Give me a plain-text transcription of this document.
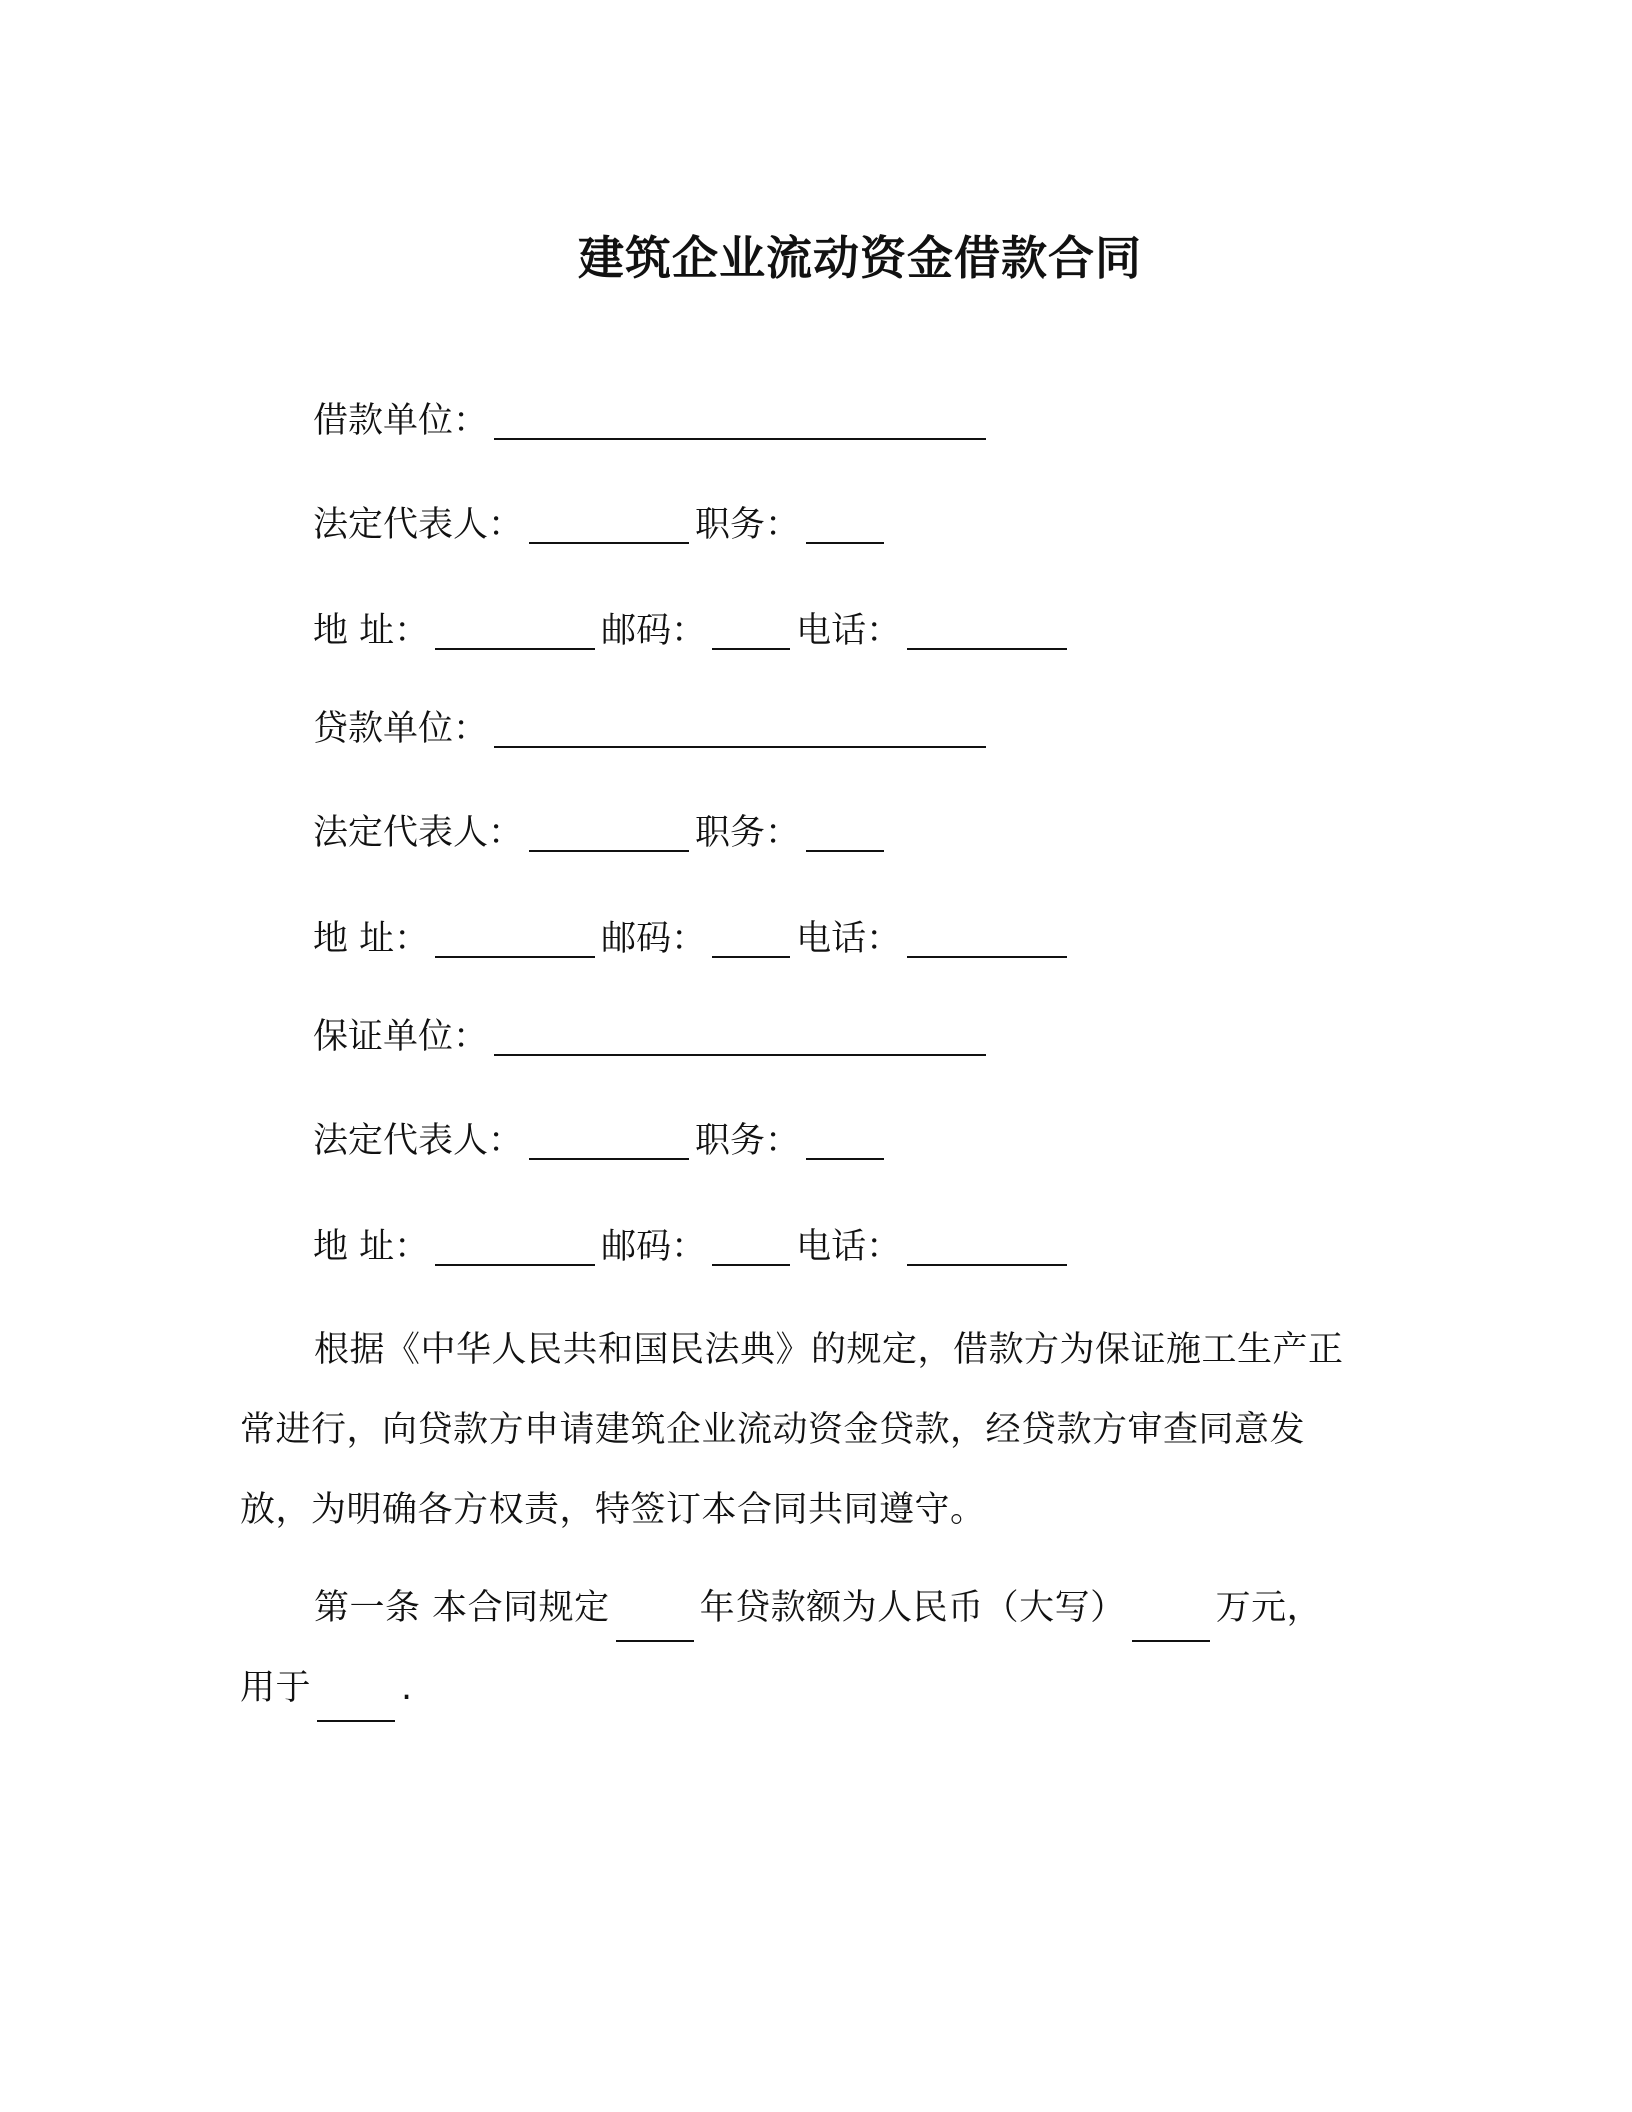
建筑企业流动资金借款合同
借款单位：
法定代表人：	职务：
地 址：	邮码：	电话：
贷款单位：
法定代表人：	职务：
地 址：	邮码：	电话：
保证单位：
法定代表人：	职务：
地 址：	邮码：	电话：
根据《中华人民共和国民法典》的规定，借款方为保证施工生产正常进行，向贷款方申请建筑企业流动资金贷款，经贷款方审查同意发放，为明确各方权责，特签订本合同共同遵守。
第一条 本合同规定	年贷款额为人民币（大写）	万元，用于	.
